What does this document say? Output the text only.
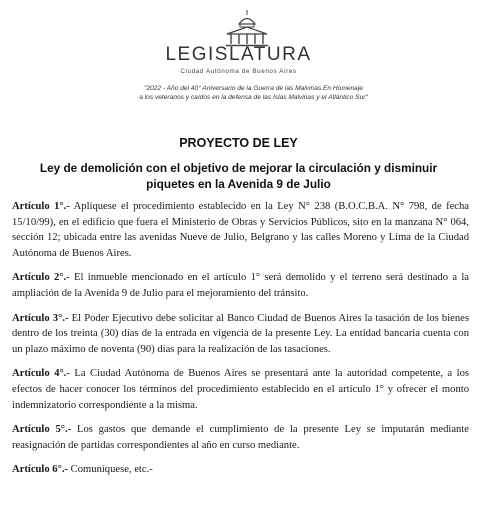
LEGISLATURA
Ciudad Autónoma de Buenos Aires
"2022 - Año del 40° Aniversario de la Guerra de las Malvinas.En Homenaje
a los veteranos y caídos en la defensa de las Islas Malvinas y el Atlántico Sur"
PROYECTO DE LEY
Ley de demolición con el objetivo de mejorar la circulación y disminuir piquetes en la Avenida 9 de Julio

Artículo 1°.- Aplíquese el procedimiento establecido en la Ley N° 238 (B.O.C.B.A. N° 798, de fecha 15/10/99), en el edificio que fuera el Ministerio de Obras y Servicios Públicos, sito en la manzana N° 064, sección 12; ubicada entre las avenidas Nueve de Julio, Belgrano y las calles Moreno y Lima de la Ciudad Autónoma de Buenos Aires.

Artículo 2°.- El inmueble mencionado en el artículo 1° será demolido y el terreno será destinado a la ampliación de la Avenida 9 de Julio para el mejoramiento del tránsito.

Artículo 3°.- El Poder Ejecutivo debe solicitar al Banco Ciudad de Buenos Aires la tasación de los bienes dentro de los treinta (30) días de la entrada en vigencia de la presente Ley. La entidad bancaria cuenta con un plazo máximo de noventa (90) días para la realización de las tasaciones.

Artículo 4°.- La Ciudad Autónoma de Buenos Aires se presentará ante la autoridad competente, a los efectos de hacer conocer los términos del procedimiento establecido en el artículo 1° y ofrecer el monto indemnizatorio correspondiente a la misma.

Artículo 5°.- Los gastos que demande el cumplimiento de la presente Ley se imputarán mediante reasignación de partidas correspondientes al año en curso mediante.

Artículo 6°.- Comuníquese, etc.-
